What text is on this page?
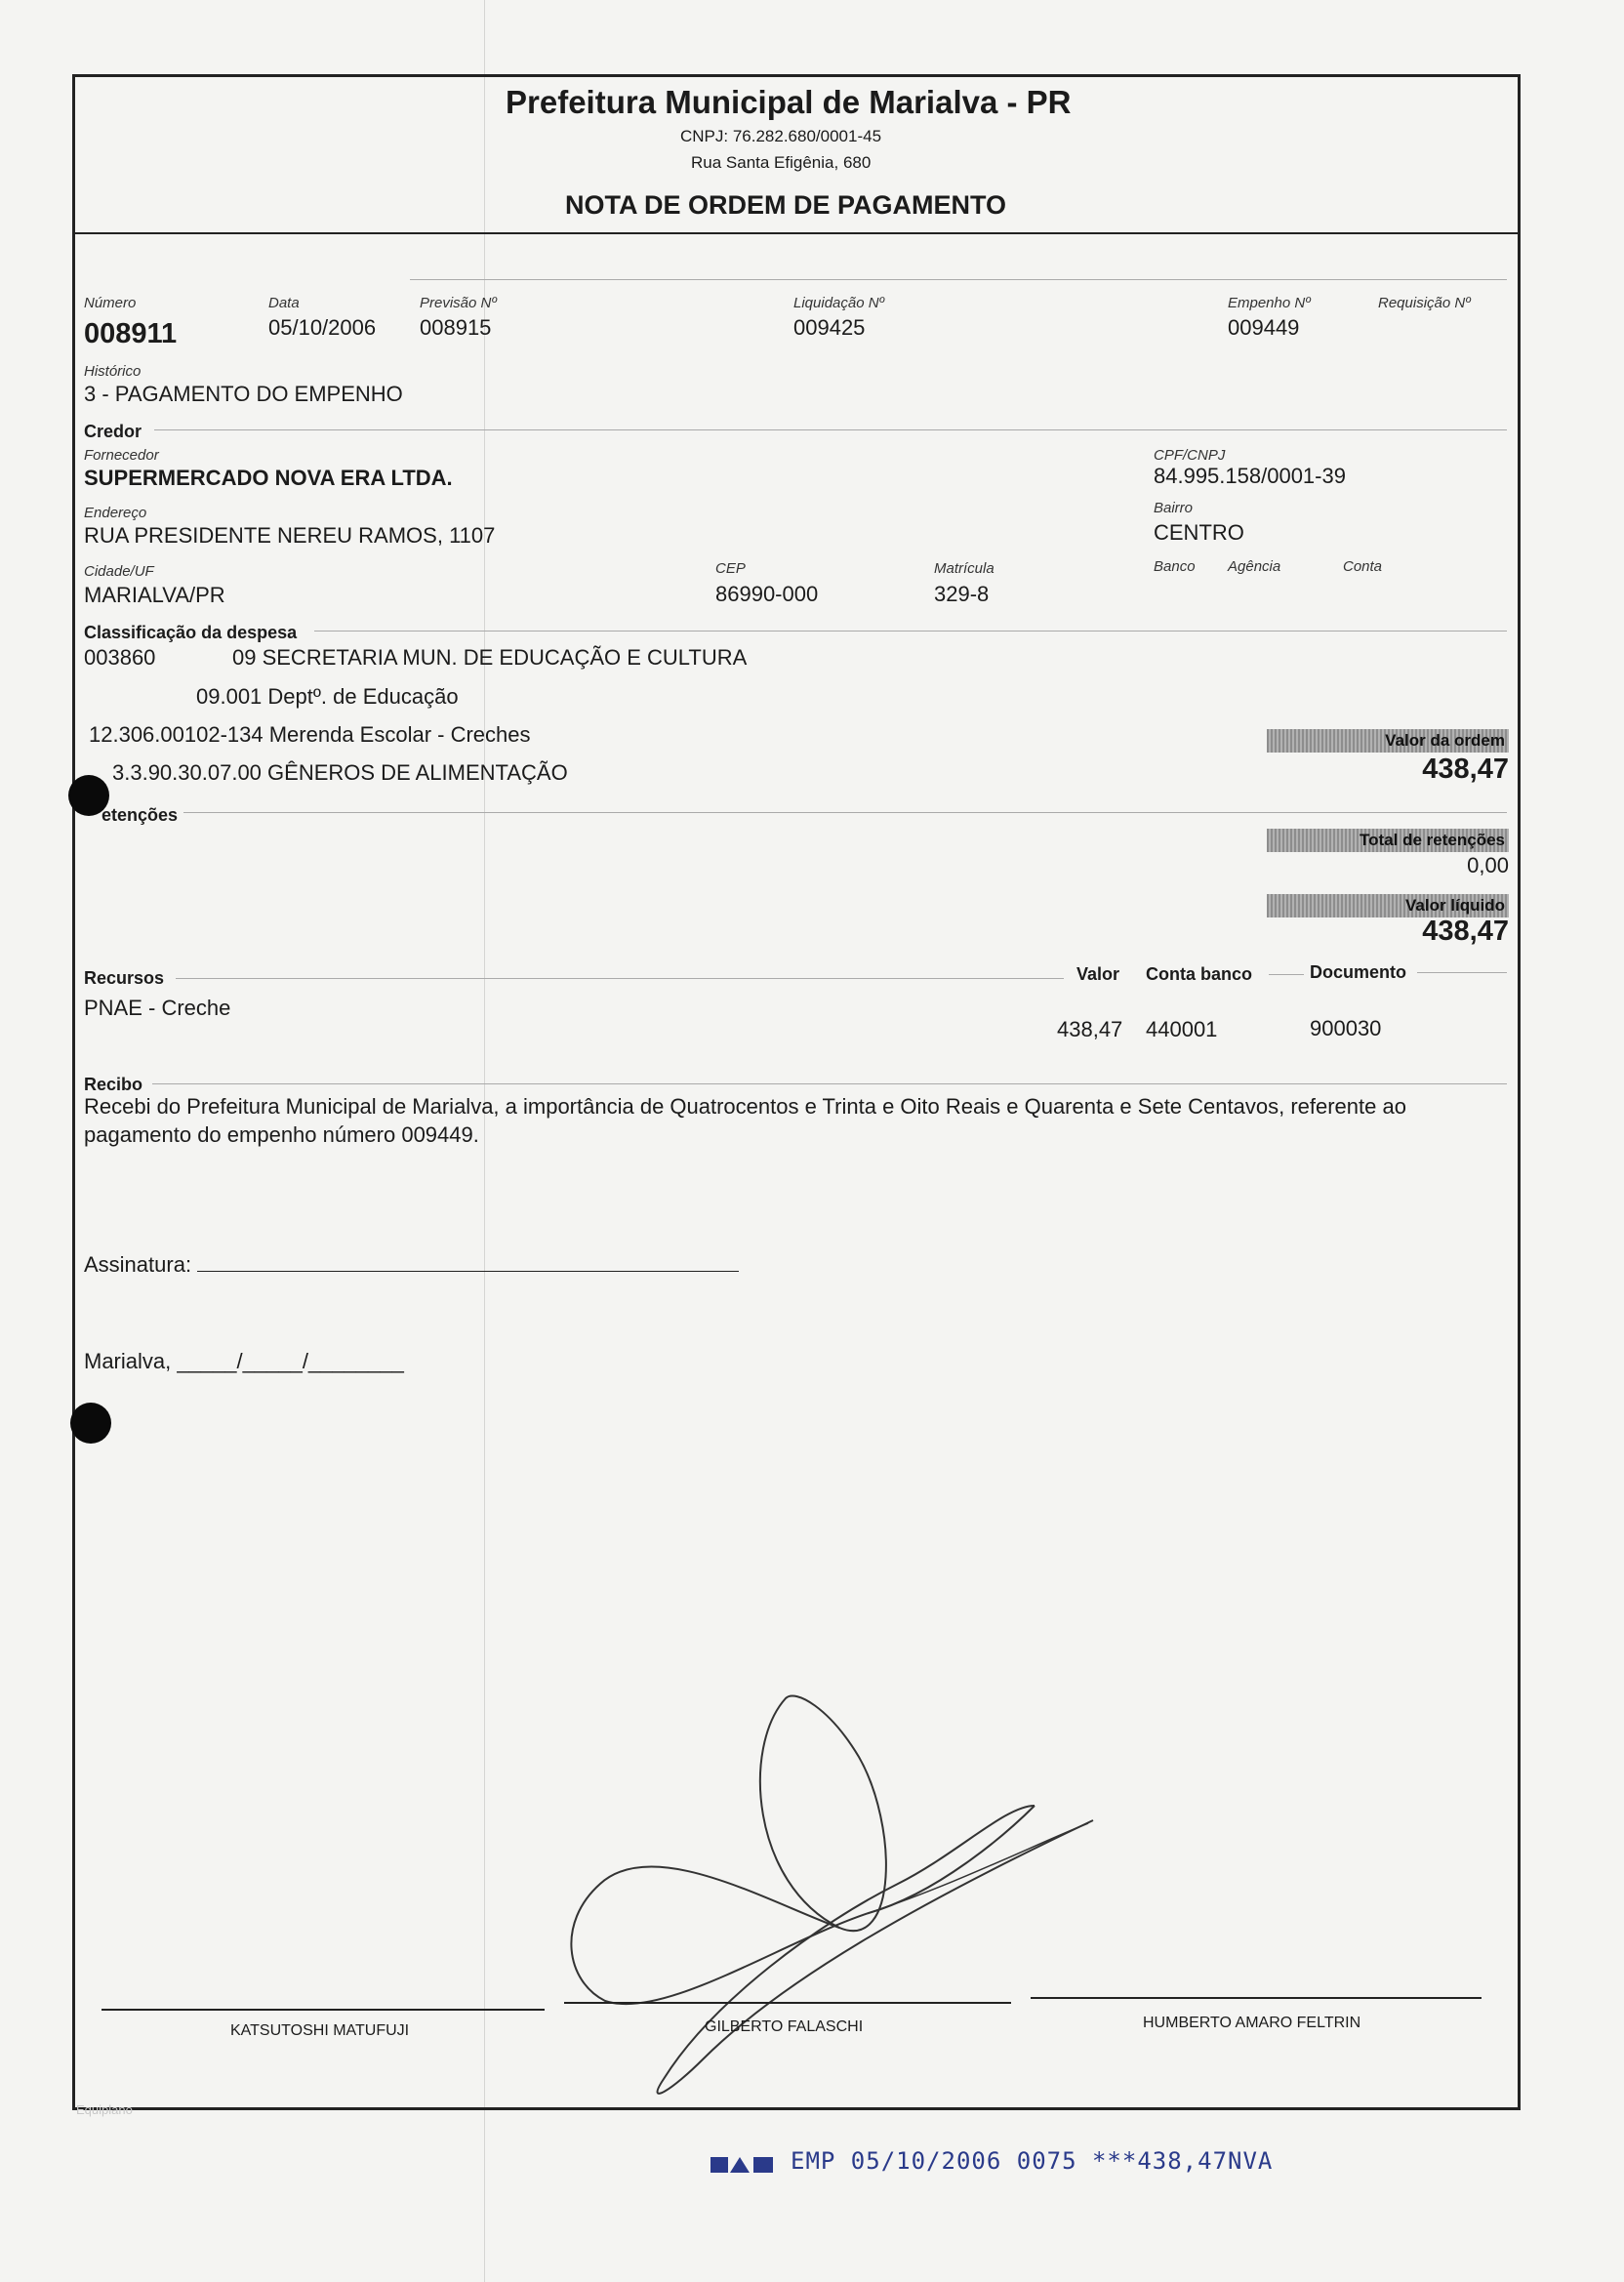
Prefeitura Municipal de Marialva - PR
CNPJ: 76.282.680/0001-45
Rua Santa Efigênia, 680
NOTA DE ORDEM DE PAGAMENTO
Número
008911
Data
05/10/2006
Previsão Nº
008915
Liquidação Nº
009425
Empenho Nº
009449
Requisição Nº
Histórico
3 - PAGAMENTO DO EMPENHO
Credor
Fornecedor
SUPERMERCADO NOVA ERA LTDA.
CPF/CNPJ
84.995.158/0001-39
Endereço
RUA PRESIDENTE NEREU RAMOS, 1107
Bairro
CENTRO
Cidade/UF
MARIALVA/PR
CEP
86990-000
Matrícula
329-8
Banco Agência	Conta
Classificação da despesa
003860	09 SECRETARIA MUN. DE EDUCAÇÃO E CULTURA
09.001 Deptº. de Educação
12.306.00102-134 Merenda Escolar - Creches
3.3.90.30.07.00 GÊNEROS DE ALIMENTAÇÃO
Valor da ordem
438,47
etenções
Total de retenções
0,00
Valor líquido
438,47
Recursos	Valor Conta banco	Documento
PNAE - Creche
438,47 440001	900030
Recibo
Recebi do Prefeitura Municipal de Marialva, a importância de Quatrocentos e Trinta e Oito Reais e Quarenta e Sete Centavos, referente ao pagamento do empenho número 009449.
Assinatura:
Marialva, _____/_____/________
KATSUTOSHI MATUFUJI	GILBERTO FALASCHI	HUMBERTO AMARO FELTRIN
Equiplano
EMP 05/10/2006 0075 ***438,47NVA
